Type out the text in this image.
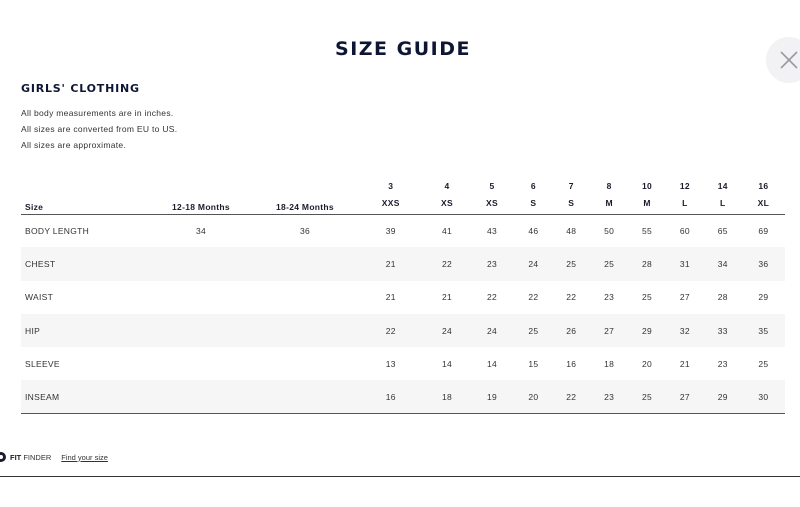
SIZE GUIDE
GIRLS' CLOTHING
All body measurements are in inches.
All sizes are converted from EU to US.
All sizes are approximate.
Size	12-18 Months	18-24 Months	3	4	5	6	7	8	10	12	14	16
			XXS	XS	XS	S	S	M	M	L	L	XL
BODY LENGTH	34	36	39	41	43	46	48	50	55	60	65	69
CHEST			21	22	23	24	25	25	28	31	34	36
WAIST			21	21	22	22	22	23	25	27	28	29
HIP			22	24	24	25	26	27	29	32	33	35
SLEEVE			13	14	14	15	16	18	20	21	23	25
INSEAM			16	18	19	20	22	23	25	27	29	30
FIT FINDER Find your size
